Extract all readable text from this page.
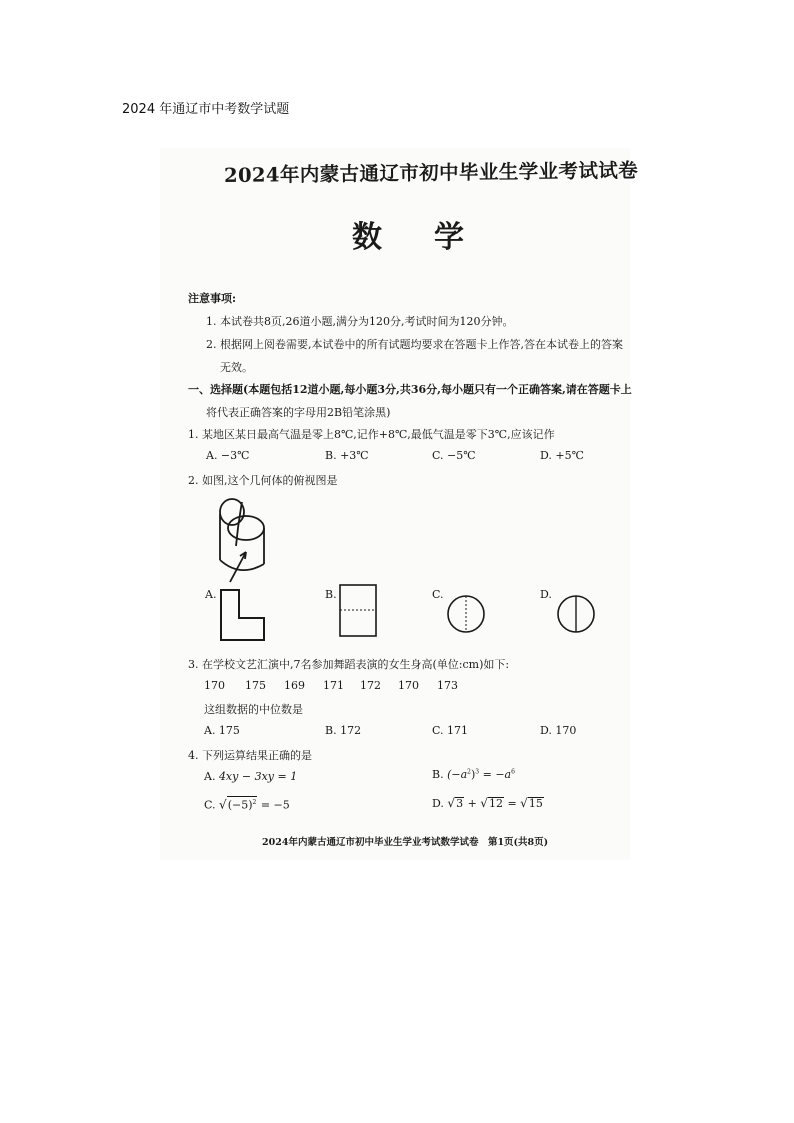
2024 年通辽市中考数学试题
2024年内蒙古通辽市初中毕业生学业考试试卷
数学
注意事项:
1. 本试卷共8页,26道小题,满分为120分,考试时间为120分钟。
2. 根据网上阅卷需要,本试卷中的所有试题均要求在答题卡上作答,答在本试卷上的答案
无效。
一、选择题(本题包括12道小题,每小题3分,共36分,每小题只有一个正确答案,请在答题卡上
将代表正确答案的字母用2B铅笔涂黑)
1. 某地区某日最高气温是零上8℃,记作+8℃,最低气温是零下3℃,应该记作
A. −3℃	B. +3℃	C. −5℃	D. +5℃
2. 如图,这个几何体的俯视图是
A.	B.	C.	D.
3. 在学校文艺汇演中,7名参加舞蹈表演的女生身高(单位:cm)如下:
170 175 169 171 172 170 173
这组数据的中位数是
A. 175	B. 172	C. 171	D. 170
4. 下列运算结果正确的是
A. 4xy − 3xy = 1	B. $(-a^2)^3 = -a^6$
C. $√(-5)^2 = -5$	D. √3 + √12 = √15
2024年内蒙古通辽市初中毕业生学业考试数学试卷　第1页(共8页)
